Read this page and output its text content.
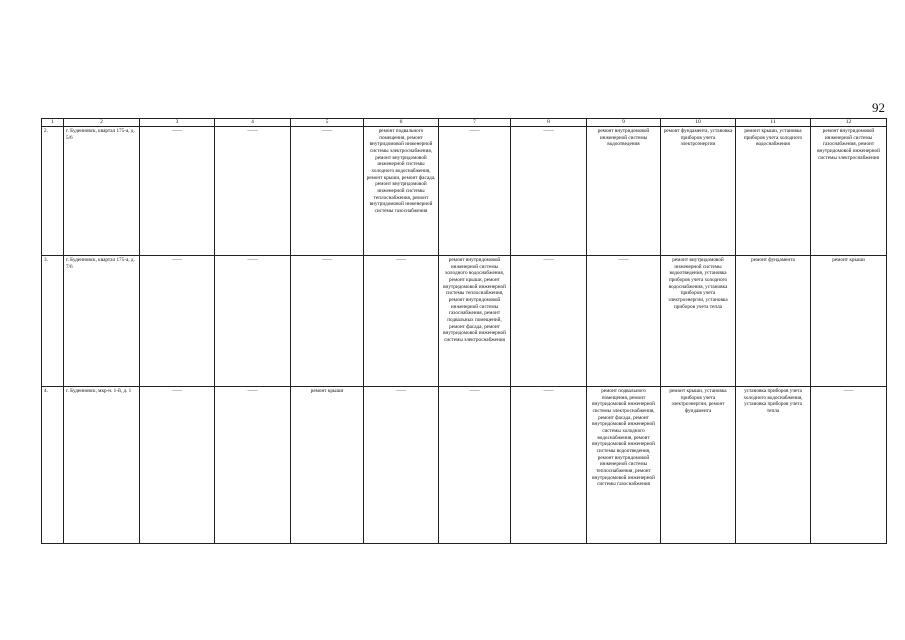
92
1	2	3	4	5	6	7	8	9	10	11	12
2.	г. Буденновск, квартал 175-а, д. 5/6	——	——	——	ремонт подвального помещения, ремонт внутридомовой инженерной системы электроснабжения, ремонт внутридомовой инженерной системы холодного водоснабжения, ремонт крыши, ремонт фасада, ремонт внутридомовой инженерной системы теплоснабжения, ремонт внутридомовой инженерной системы газоснабжения	——	——	ремонт внутридомовой инженерной системы водоотведения	ремонт фундамента, установка приборов учета электроэнергии	ремонт крыши, установка приборов учета холодного водоснабжения	ремонт внутридомовой инженерной системы газоснабжения, ремонт внутридомовой инженерной системы электроснабжения
3.	г. Буденновск, квартал 175-а, д. 7/6	——	——	——	——	ремонт внутридомовой инженерной системы холодного водоснабжения, ремонт крыши, ремонт внутридомовой инженерной системы теплоснабжения, ремонт внутридомовой инженерной системы газоснабжения, ремонт подвальных помещений, ремонт фасада, ремонт внутридомовой инженерной системы электроснабжения	——	——	ремонт внутридомовой инженерной системы водоотведения, установка приборов учета холодного водоснабжения, установка приборов учета электроэнергии, установка приборов учета тепла	ремонт фундамента	ремонт крыши
4.	г. Буденновск, мкр-н. 1-й, д. 1	——	——	ремонт крыши	——	——	——	ремонт подвального помещения, ремонт внутридомовой инженерной системы электроснабжения, ремонт фасада, ремонт внутридомовой инженерной системы холодного водоснабжения, ремонт внутридомовой инженерной системы водоотведения, ремонт внутридомовой инженерной системы теплоснабжения, ремонт внутридомовой инженерной системы газоснабжения	ремонт крыши, установка приборов учета электроэнергии, ремонт фундамента	установка приборов учета холодного водоснабжения, установка приборов учета тепла	——
